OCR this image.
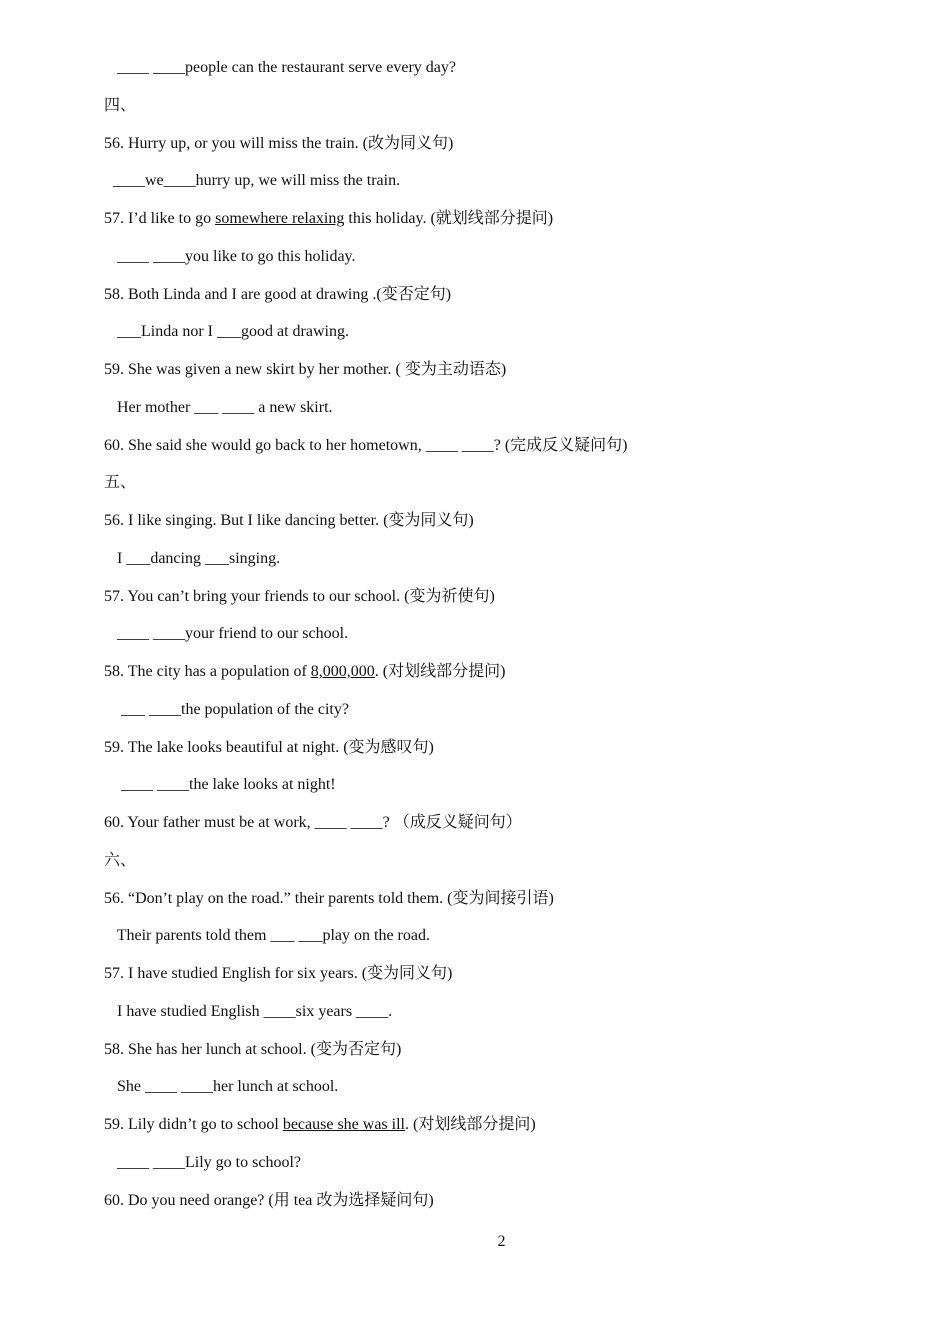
____ ____people can the restaurant serve every day?
四、
56. Hurry up, or you will miss the train. (改为同义句)
____we____hurry up, we will miss the train.
57. I’d like to go somewhere relaxing this holiday. (就划线部分提问)
____ ____you like to go this holiday.
58. Both Linda and I are good at drawing .(变否定句)
___Linda nor I ___good at drawing.
59. She was given a new skirt by her mother. ( 变为主动语态)
Her mother ___ ____ a new skirt.
60. She said she would go back to her hometown, ____ ____? (完成反义疑问句)
五、
56. I like singing. But I like dancing better. (变为同义句)
I ___dancing ___singing.
57. You can’t bring your friends to our school. (变为祈使句)
____ ____your friend to our school.
58. The city has a population of 8,000,000. (对划线部分提问)
___ ____the population of the city?
59. The lake looks beautiful at night. (变为感叹句)
____ ____the lake looks at night!
60. Your father must be at work, ____ ____? （成反义疑问句）
六、
56. “Don’t play on the road.” their parents told them. (变为间接引语)
Their parents told them ___ ___play on the road.
57. I have studied English for six years. (变为同义句)
I have studied English ____six years ____.
58. She has her lunch at school. (变为否定句)
She ____ ____her lunch at school.
59. Lily didn’t go to school because she was ill. (对划线部分提问)
____ ____Lily go to school?
60. Do you need orange? (用 tea 改为选择疑问句)
2
